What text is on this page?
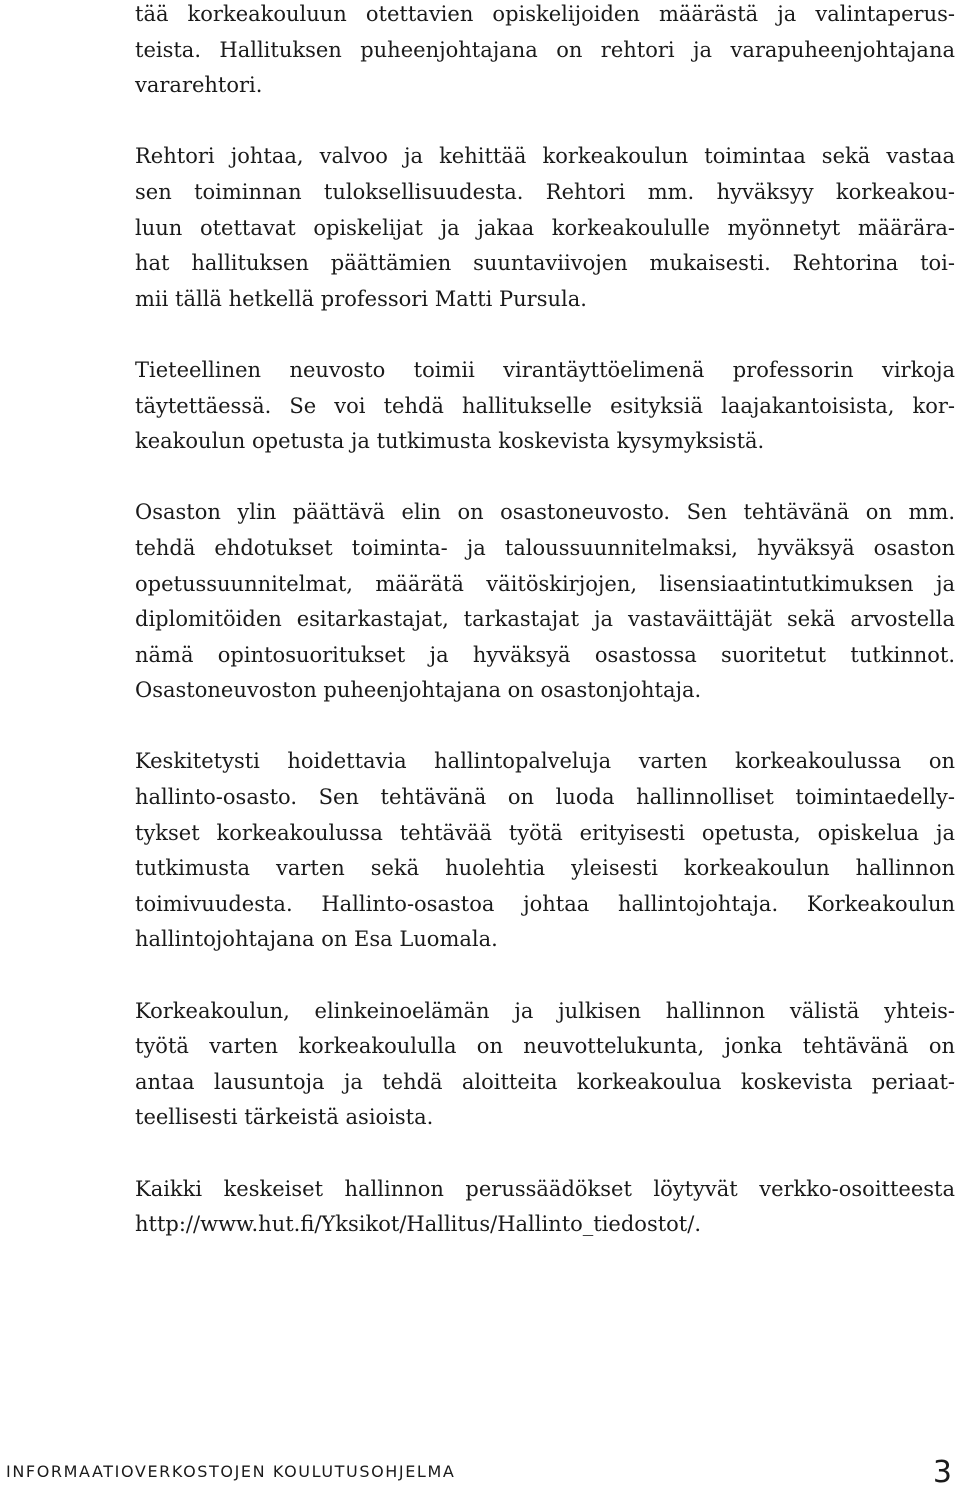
tää korkeakouluun otettavien opiskelijoiden määrästä ja valintaperus-
teista. Hallituksen puheenjohtajana on rehtori ja varapuheenjohtajana
vararehtori.
Rehtori johtaa, valvoo ja kehittää korkeakoulun toimintaa sekä vastaa
sen toiminnan tuloksellisuudesta. Rehtori mm. hyväksyy korkeakou-
luun otettavat opiskelijat ja jakaa korkeakoululle myönnetyt määrära-
hat hallituksen päättämien suuntaviivojen mukaisesti. Rehtorina toi-
mii tällä hetkellä professori Matti Pursula.
Tieteellinen neuvosto toimii virantäyttöelimenä professorin virkoja
täytettäessä. Se voi tehdä hallitukselle esityksiä laajakantoisista, kor-
keakoulun opetusta ja tutkimusta koskevista kysymyksistä.
Osaston ylin päättävä elin on osastoneuvosto. Sen tehtävänä on mm.
tehdä ehdotukset toiminta- ja taloussuunnitelmaksi, hyväksyä osaston
opetussuunnitelmat, määrätä väitöskirjojen, lisensiaatintutkimuksen ja
diplomitöiden esitarkastajat, tarkastajat ja vastaväittäjät sekä arvostella
nämä opintosuoritukset ja hyväksyä osastossa suoritetut tutkinnot.
Osastoneuvoston puheenjohtajana on osastonjohtaja.
Keskitetysti hoidettavia hallintopalveluja varten korkeakoulussa on
hallinto-osasto. Sen tehtävänä on luoda hallinnolliset toimintaedelly-
tykset korkeakoulussa tehtävää työtä erityisesti opetusta, opiskelua ja
tutkimusta varten sekä huolehtia yleisesti korkeakoulun hallinnon
toimivuudesta. Hallinto-osastoa johtaa hallintojohtaja. Korkeakoulun
hallintojohtajana on Esa Luomala.
Korkeakoulun, elinkeinoelämän ja julkisen hallinnon välistä yhteis-
työtä varten korkeakoululla on neuvottelukunta, jonka tehtävänä on
antaa lausuntoja ja tehdä aloitteita korkeakoulua koskevista periaat-
teellisesti tärkeistä asioista.
Kaikki keskeiset hallinnon perussäädökset löytyvät verkko-osoitteesta
http://www.hut.fi/Yksikot/Hallitus/Hallinto_tiedostot/.
INFORMAATIOVERKOSTOJEN KOULUTUSOHJELMA	3
